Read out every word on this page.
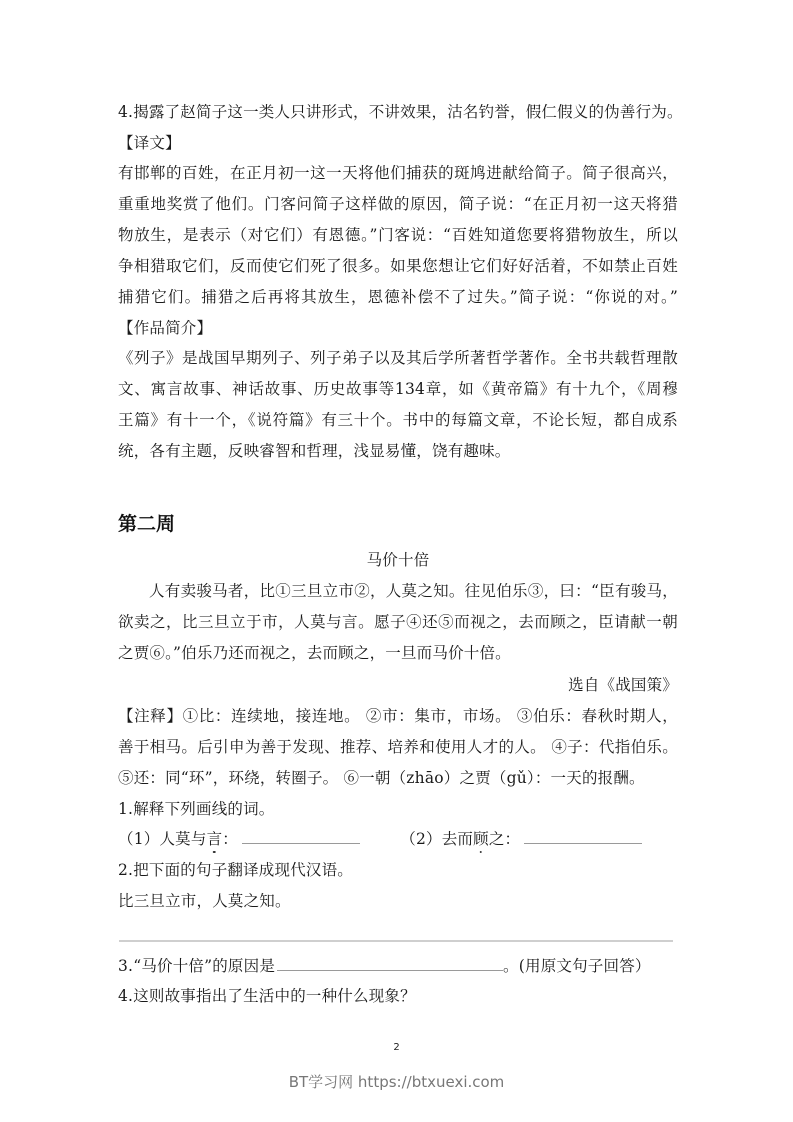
4.揭露了赵简子这一类人只讲形式，不讲效果，沽名钓誉，假仁假义的伪善行为。
【译文】
有邯郸的百姓，在正月初一这一天将他们捕获的斑鸠进献给简子。简子很高兴，
重重地奖赏了他们。门客问简子这样做的原因，简子说：“在正月初一这天将猎
物放生，是表示（对它们）有恩德。”门客说：“百姓知道您要将猎物放生，所以
争相猎取它们，反而使它们死了很多。如果您想让它们好好活着，不如禁止百姓
捕猎它们。捕猎之后再将其放生，恩德补偿不了过失。”简子说：“你说的对。”
【作品简介】
《列子》是战国早期列子、列子弟子以及其后学所著哲学著作。全书共载哲理散
文、寓言故事、神话故事、历史故事等134章，如《黄帝篇》有十九个，《周穆
王篇》有十一个，《说符篇》有三十个。书中的每篇文章，不论长短，都自成系
统，各有主题，反映睿智和哲理，浅显易懂，饶有趣味。
第二周
马价十倍
人有卖骏马者，比①三旦立市②，人莫之知。往见伯乐③，曰：“臣有骏马，
欲卖之，比三旦立于市，人莫与言。愿子④还⑤而视之，去而顾之，臣请献一朝
之贾⑥。”伯乐乃还而视之，去而顾之，一旦而马价十倍。
选自《战国策》
【注释】①比：连续地，接连地。 ②市：集市，市场。 ③伯乐：春秋时期人，
善于相马。后引申为善于发现、推荐、培养和使用人才的人。 ④子：代指伯乐。
⑤还：同“环”，环绕，转圈子。 ⑥一朝（zhāo）之贾（gǔ）：一天的报酬。
1.解释下列画线的词。
（1）人莫与言：	（2）去而顾之：
2.把下面的句子翻译成现代汉语。
比三旦立市，人莫之知。
3.“马价十倍”的原因是	。(用原文句子回答）
4.这则故事指出了生活中的一种什么现象？
2
BT学习网 https://btxuexi.com
